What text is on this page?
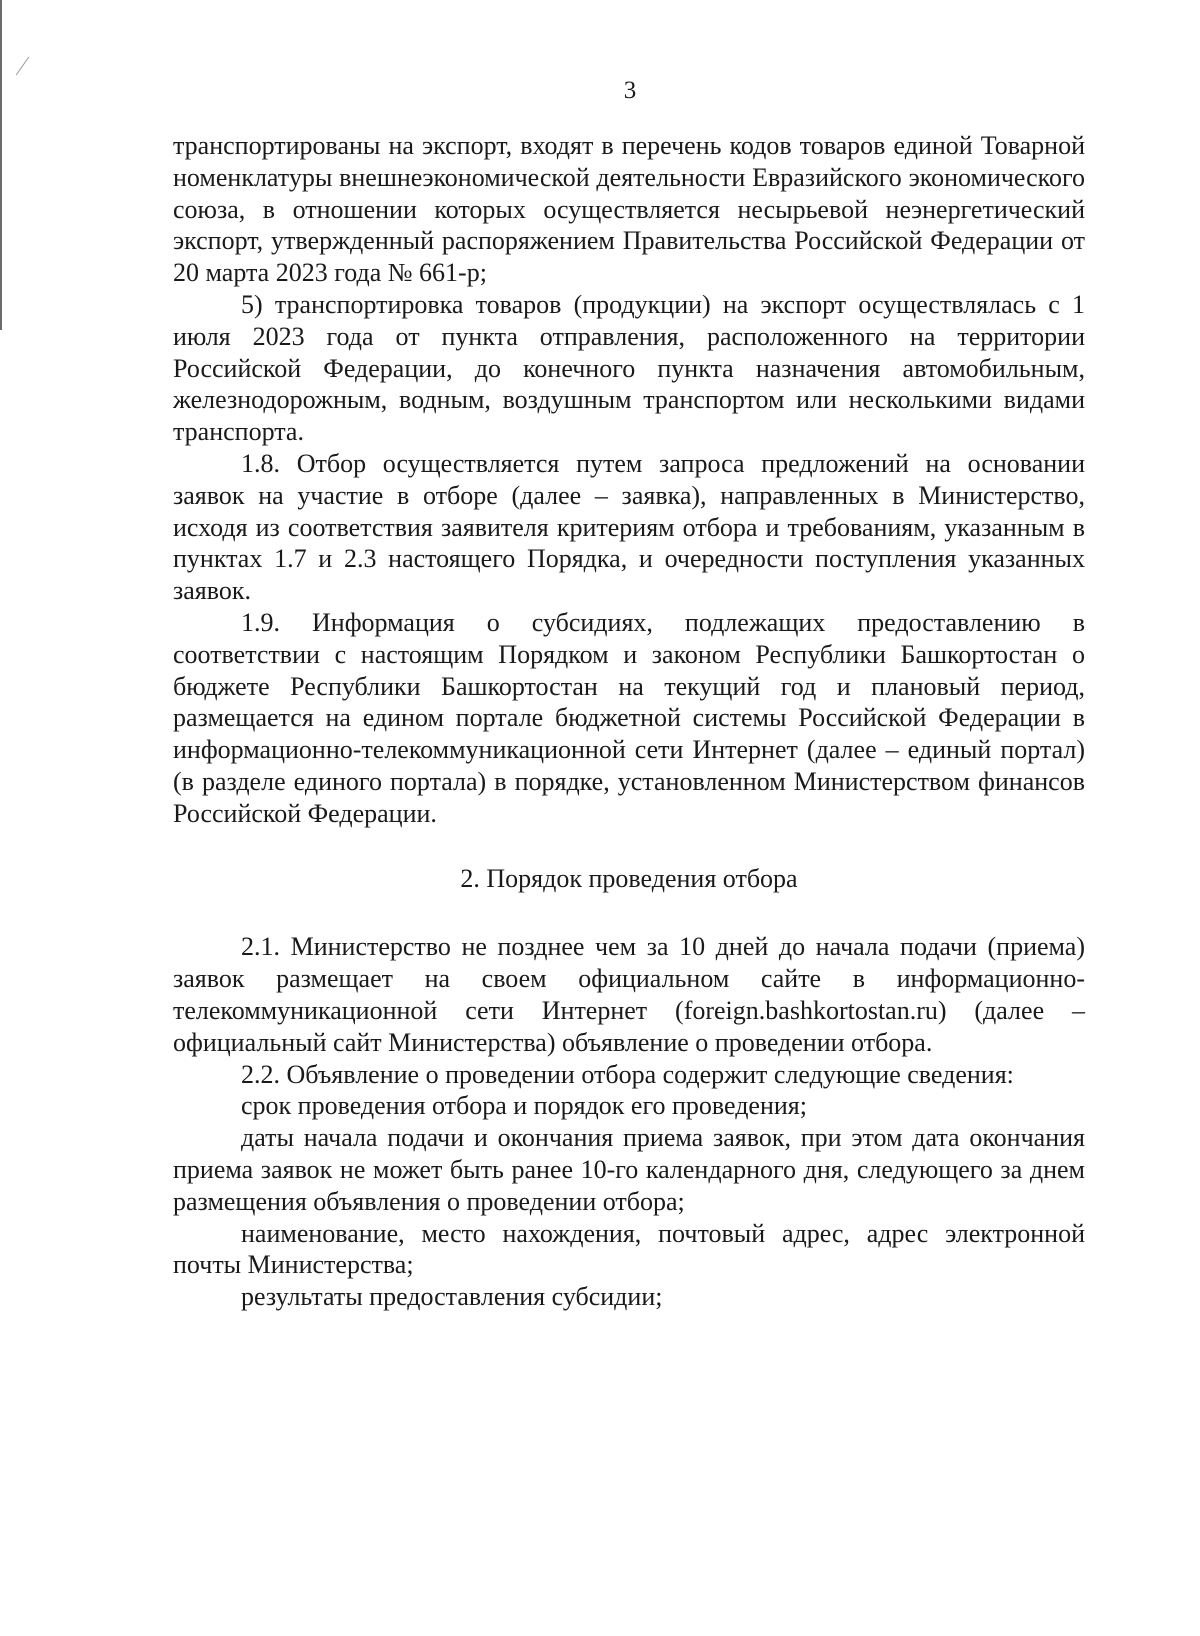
3

транспортированы на экспорт, входят в перечень кодов товаров единой Товарной номенклатуры внешнеэкономической деятельности Евразийского экономического союза, в отношении которых осуществляется несырьевой неэнергетический экспорт, утвержденный распоряжением Правительства Российской Федерации от 20 марта 2023 года № 661-р;

5) транспортировка товаров (продукции) на экспорт осуществлялась с 1 июля 2023 года от пункта отправления, расположенного на территории Российской Федерации, до конечного пункта назначения автомобильным, железнодорожным, водным, воздушным транспортом или несколькими видами транспорта.

1.8. Отбор осуществляется путем запроса предложений на основании заявок на участие в отборе (далее – заявка), направленных в Министерство, исходя из соответствия заявителя критериям отбора и требованиям, указанным в пунктах 1.7 и 2.3 настоящего Порядка, и очередности поступления указанных заявок.

1.9. Информация о субсидиях, подлежащих предоставлению в соответствии с настоящим Порядком и законом Республики Башкортостан о бюджете Республики Башкортостан на текущий год и плановый период, размещается на едином портале бюджетной системы Российской Федерации в информационно-телекоммуникационной сети Интернет (далее – единый портал) (в разделе единого портала) в порядке, установленном Министерством финансов Российской Федерации.

2. Порядок проведения отбора

2.1. Министерство не позднее чем за 10 дней до начала подачи (приема) заявок размещает на своем официальном сайте в информационно-телекоммуникационной сети Интернет (foreign.bashkortostan.ru) (далее – официальный сайт Министерства) объявление о проведении отбора.

2.2. Объявление о проведении отбора содержит следующие сведения:

срок проведения отбора и порядок его проведения;

даты начала подачи и окончания приема заявок, при этом дата окончания приема заявок не может быть ранее 10-го календарного дня, следующего за днем размещения объявления о проведении отбора;

наименование, место нахождения, почтовый адрес, адрес электронной почты Министерства;

результаты предоставления субсидии;
